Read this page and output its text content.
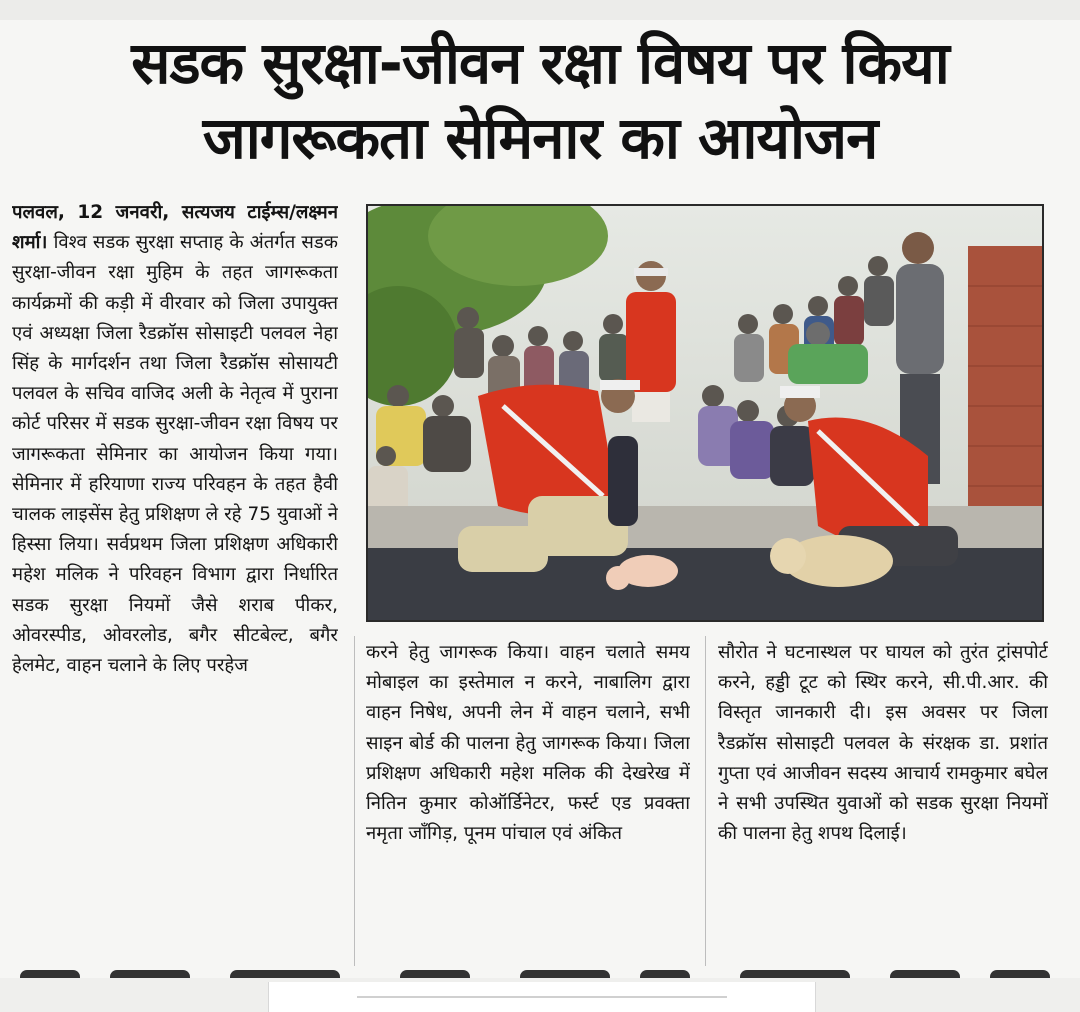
सडक सुरक्षा-जीवन रक्षा विषय पर किया
जागरूकता सेमिनार का आयोजन

पलवल, 12 जनवरी, सत्यजय टाईम्स/लक्ष्मन शर्मा। विश्व सडक सुरक्षा सप्ताह के अंतर्गत सडक सुरक्षा-जीवन रक्षा मुहिम के तहत जागरूकता कार्यक्रमों की कड़ी में वीरवार को जिला उपायुक्त एवं अध्यक्षा जिला रैडक्रॉस सोसाइटी पलवल नेहा सिंह के मार्गदर्शन तथा जिला रैडक्रॉस सोसायटी पलवल के सचिव वाजिद अली के नेतृत्व में पुराना कोर्ट परिसर में सडक सुरक्षा-जीवन रक्षा विषय पर जागरूकता सेमिनार का आयोजन किया गया। सेमिनार में हरियाणा राज्य परिवहन के तहत हैवी चालक लाइसेंस हेतु प्रशिक्षण ले रहे 75 युवाओं ने हिस्सा लिया। सर्वप्रथम जिला प्रशिक्षण अधिकारी महेश मलिक ने परिवहन विभाग द्वारा निर्धारित सडक सुरक्षा नियमों जैसे शराब पीकर, ओवरस्पीड, ओवरलोड, बगैर सीटबेल्ट, बगैर हेलमेट, वाहन चलाने के लिए परहेज

करने हेतु जागरूक किया। वाहन चलाते समय मोबाइल का इस्तेमाल न करने, नाबालिग द्वारा वाहन निषेध, अपनी लेन में वाहन चलाने, सभी साइन बोर्ड की पालना हेतु जागरूक किया। जिला प्रशिक्षण अधिकारी महेश मलिक की देखरेख में नितिन कुमार कोऑर्डिनेटर, फर्स्ट एड प्रवक्ता नमृता जाँगिड़, पूनम पांचाल एवं अंकित

सौरोत ने घटनास्थल पर घायल को तुरंत ट्रांसपोर्ट करने, हड्डी टूट को स्थिर करने, सी.पी.आर. की विस्तृत जानकारी दी। इस अवसर पर जिला रैडक्रॉस सोसाइटी पलवल के संरक्षक डा. प्रशांत गुप्ता एवं आजीवन सदस्य आचार्य रामकुमार बघेल ने सभी उपस्थित युवाओं को सडक सुरक्षा नियमों की पालना हेतु शपथ दिलाई।
